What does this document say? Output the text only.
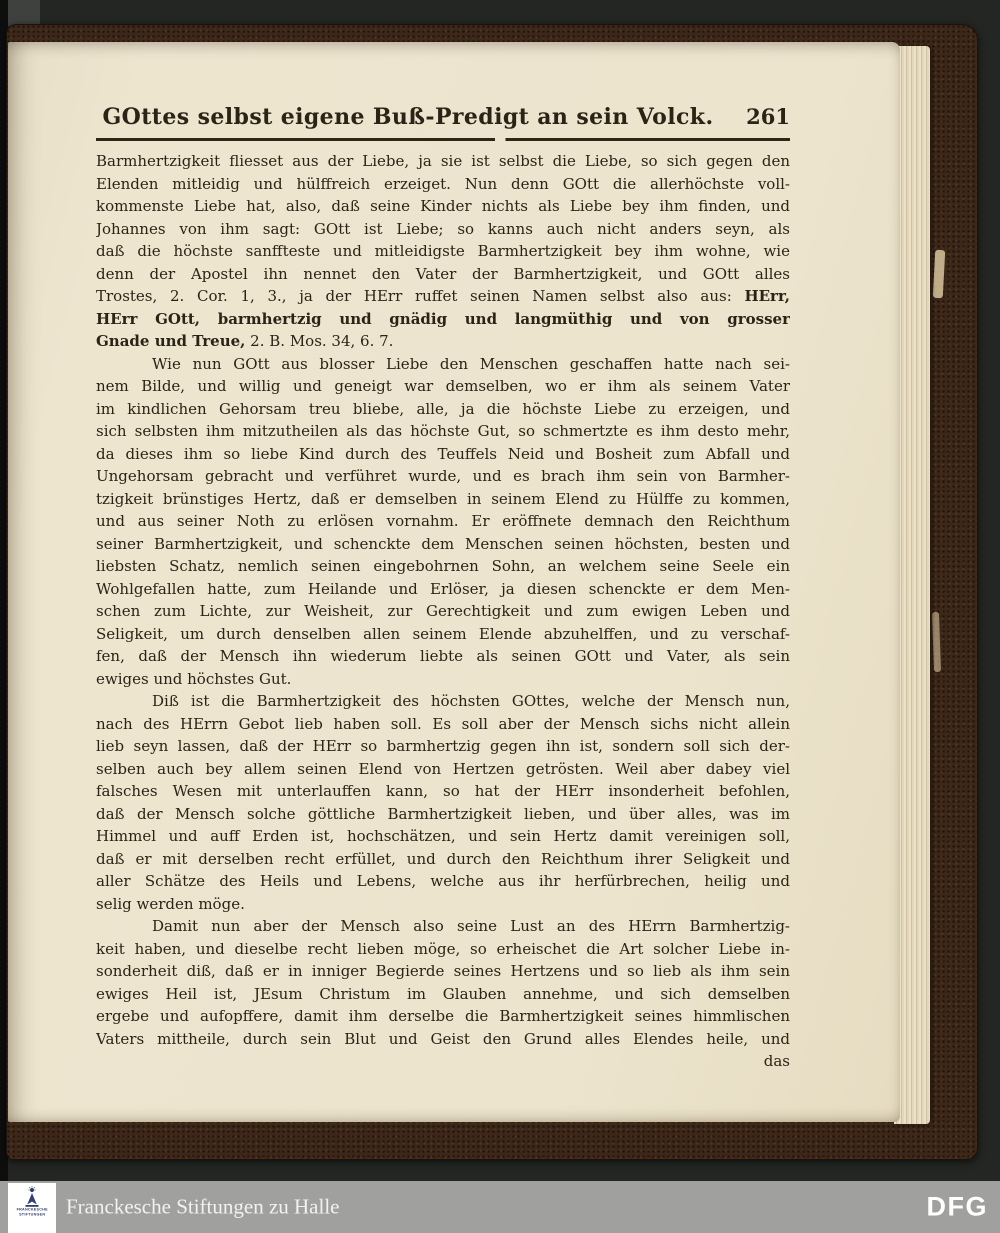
GOttes selbst eigene Buß-Predigt an sein Volck.	261
Barmhertzigkeit fliesset aus der Liebe, ja sie ist selbst die Liebe, so sich gegen den
Elenden mitleidig und hülffreich erzeiget. Nun denn GOtt die allerhöchste voll-
kommenste Liebe hat, also, daß seine Kinder nichts als Liebe bey ihm finden, und
Johannes von ihm sagt: GOtt ist Liebe; so kanns auch nicht anders seyn, als
daß die höchste sanffteste und mitleidigste Barmhertzigkeit bey ihm wohne, wie
denn der Apostel ihn nennet den Vater der Barmhertzigkeit, und GOtt alles
Trostes, 2. Cor. 1, 3., ja der HErr ruffet seinen Namen selbst also aus: HErr,
HErr GOtt, barmhertzig und gnädig und langmüthig und von grosser
Gnade und Treue, 2. B. Mos. 34, 6. 7.
Wie nun GOtt aus blosser Liebe den Menschen geschaffen hatte nach sei-
nem Bilde, und willig und geneigt war demselben, wo er ihm als seinem Vater
im kindlichen Gehorsam treu bliebe, alle, ja die höchste Liebe zu erzeigen, und
sich selbsten ihm mitzutheilen als das höchste Gut, so schmertzte es ihm desto mehr,
da dieses ihm so liebe Kind durch des Teuffels Neid und Bosheit zum Abfall und
Ungehorsam gebracht und verführet wurde, und es brach ihm sein von Barmher-
tzigkeit brünstiges Hertz, daß er demselben in seinem Elend zu Hülffe zu kommen,
und aus seiner Noth zu erlösen vornahm. Er eröffnete demnach den Reichthum
seiner Barmhertzigkeit, und schenckte dem Menschen seinen höchsten, besten und
liebsten Schatz, nemlich seinen eingebohrnen Sohn, an welchem seine Seele ein
Wohlgefallen hatte, zum Heilande und Erlöser, ja diesen schenckte er dem Men-
schen zum Lichte, zur Weisheit, zur Gerechtigkeit und zum ewigen Leben und
Seligkeit, um durch denselben allen seinem Elende abzuhelffen, und zu verschaf-
fen, daß der Mensch ihn wiederum liebte als seinen GOtt und Vater, als sein
ewiges und höchstes Gut.
Diß ist die Barmhertzigkeit des höchsten GOttes, welche der Mensch nun,
nach des HErrn Gebot lieb haben soll. Es soll aber der Mensch sichs nicht allein
lieb seyn lassen, daß der HErr so barmhertzig gegen ihn ist, sondern soll sich der-
selben auch bey allem seinen Elend von Hertzen getrösten. Weil aber dabey viel
falsches Wesen mit unterlauffen kann, so hat der HErr insonderheit befohlen,
daß der Mensch solche göttliche Barmhertzigkeit lieben, und über alles, was im
Himmel und auff Erden ist, hochschätzen, und sein Hertz damit vereinigen soll,
daß er mit derselben recht erfüllet, und durch den Reichthum ihrer Seligkeit und
aller Schätze des Heils und Lebens, welche aus ihr herfürbrechen, heilig und
selig werden möge.
Damit nun aber der Mensch also seine Lust an des HErrn Barmhertzig-
keit haben, und dieselbe recht lieben möge, so erheischet die Art solcher Liebe in-
sonderheit diß, daß er in inniger Begierde seines Hertzens und so lieb als ihm sein
ewiges Heil ist, JEsum Christum im Glauben annehme, und sich demselben
ergebe und aufopffere, damit ihm derselbe die Barmhertzigkeit seines himmlischen
Vaters mittheile, durch sein Blut und Geist den Grund alles Elendes heile, und
das
FRANCKESCHE
STIFTUNGEN Franckesche Stiftungen zu Halle	DFG
